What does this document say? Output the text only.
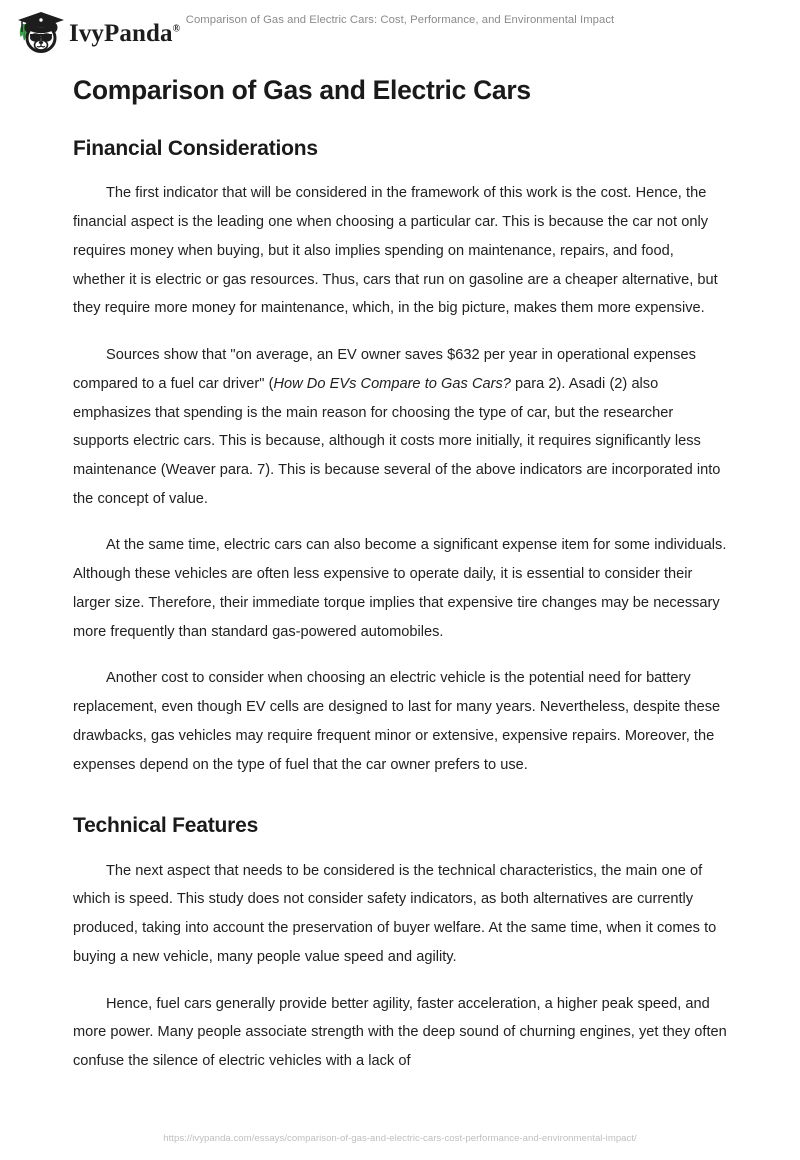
IvyPanda®
Comparison of Gas and Electric Cars: Cost, Performance, and Environmental Impact
Comparison of Gas and Electric Cars
Financial Considerations

The first indicator that will be considered in the framework of this work is the cost. Hence, the financial aspect is the leading one when choosing a particular car. This is because the car not only requires money when buying, but it also implies spending on maintenance, repairs, and food, whether it is electric or gas resources. Thus, cars that run on gasoline are a cheaper alternative, but they require more money for maintenance, which, in the big picture, makes them more expensive.

Sources show that "on average, an EV owner saves $632 per year in operational expenses compared to a fuel car driver" (How Do EVs Compare to Gas Cars? para 2). Asadi (2) also emphasizes that spending is the main reason for choosing the type of car, but the researcher supports electric cars. This is because, although it costs more initially, it requires significantly less maintenance (Weaver para. 7). This is because several of the above indicators are incorporated into the concept of value.

At the same time, electric cars can also become a significant expense item for some individuals. Although these vehicles are often less expensive to operate daily, it is essential to consider their larger size. Therefore, their immediate torque implies that expensive tire changes may be necessary more frequently than standard gas-powered automobiles.

Another cost to consider when choosing an electric vehicle is the potential need for battery replacement, even though EV cells are designed to last for many years. Nevertheless, despite these drawbacks, gas vehicles may require frequent minor or extensive, expensive repairs. Moreover, the expenses depend on the type of fuel that the car owner prefers to use.

Technical Features

The next aspect that needs to be considered is the technical characteristics, the main one of which is speed. This study does not consider safety indicators, as both alternatives are currently produced, taking into account the preservation of buyer welfare. At the same time, when it comes to buying a new vehicle, many people value speed and agility.

Hence, fuel cars generally provide better agility, faster acceleration, a higher peak speed, and more power. Many people associate strength with the deep sound of churning engines, yet they often confuse the silence of electric vehicles with a lack of

https://ivypanda.com/essays/comparison-of-gas-and-electric-cars-cost-performance-and-environmental-impact/
